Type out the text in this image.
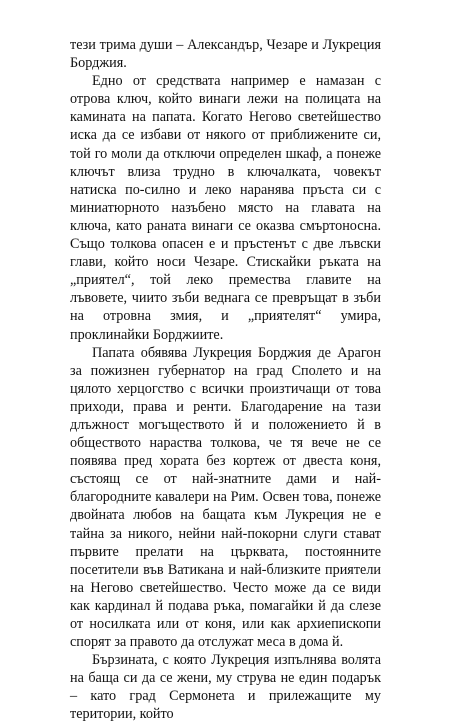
тези трима души – Александър, Чезаре и Лукреция Борджия.

Едно от средствата например е намазан с отрова ключ, който винаги лежи на полицата на камината на папата. Когато Негово светейшество иска да се избави от някого от приближените си, той го моли да отключи определен шкаф, а понеже ключът влиза трудно в ключалката, човекът натиска по-силно и леко наранява пръста си с миниатюрното назъбено място на главата на ключа, като раната винаги се оказва смъртоносна. Също толкова опасен е и пръстенът с две лъвски глави, който носи Чезаре. Стискайки ръката на „приятел“, той леко премества главите на лъвовете, чиито зъби веднага се превръщат в зъби на отровна змия, и „приятелят“ умира, проклинайки Борджиите.

Папата обявява Лукреция Борджия де Арагон за пожизнен губернатор на град Сполето и на цялото херцогство с всички произтичащи от това приходи, права и ренти. Благодарение на тази длъжност могъществото й и положението й в обществото нараства толкова, че тя вече не се появява пред хората без кортеж от двеста коня, състоящ се от най-знатните дами и най-благородните кавалери на Рим. Освен това, понеже двойната любов на бащата към Лукреция не е тайна за никого, нейни най-покорни слуги стават първите прелати на църквата, постоянните посетители във Ватикана и най-близките приятели на Негово светейшество. Често може да се види как кардинал й подава ръка, помагайки й да слезе от носилката или от коня, или как архиепископи спорят за правото да отслужат меса в дома й.

Бързината, с която Лукреция изпълнява волята на баща си да се жени, му струва не един подарък – като град Сермонета и прилежащите му територии, който
